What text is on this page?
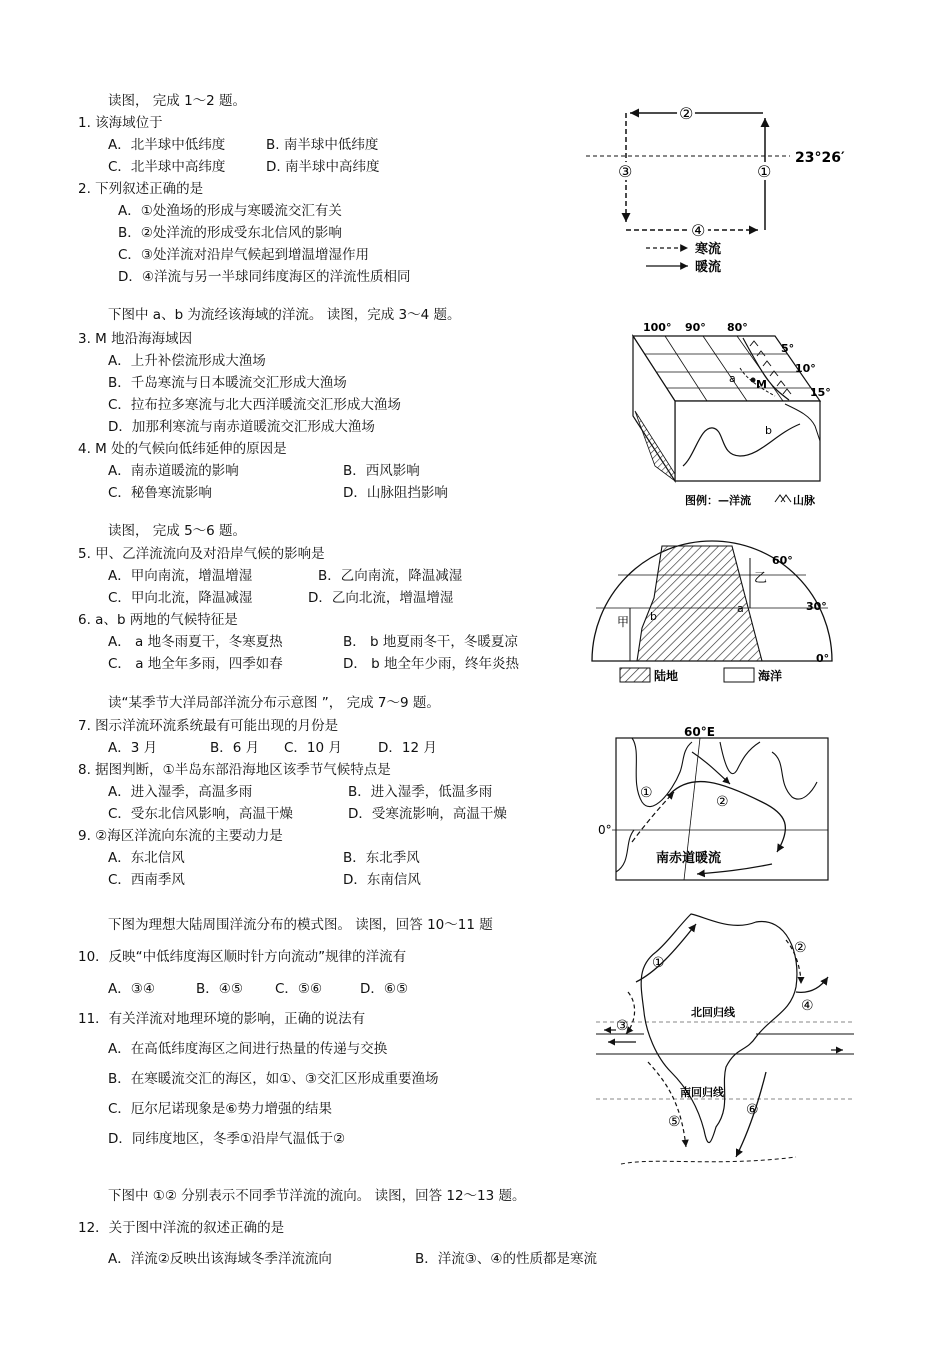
读图， 完成 1～2 题。
1. 该海域位于
A．北半球中低纬度	B. 南半球中低纬度
C．北半球中高纬度	D. 南半球中高纬度
2. 下列叙述正确的是
A．①处渔场的形成与寒暖流交汇有关
B．②处洋流的形成受东北信风的影响
C．③处洋流对沿岸气候起到增温增湿作用
D．④洋流与另一半球同纬度海区的洋流性质相同
下图中 a、b 为流经该海域的洋流。 读图，完成 3～4 题。
3. M 地沿海海域因
A．上升补偿流形成大渔场
B．千岛寒流与日本暖流交汇形成大渔场
C．拉布拉多寒流与北大西洋暖流交汇形成大渔场
D．加那利寒流与南赤道暖流交汇形成大渔场
4. M 处的气候向低纬延伸的原因是
A．南赤道暖流的影响	B．西风影响
C．秘鲁寒流影响	D．山脉阻挡影响
读图， 完成 5～6 题。
5. 甲、乙洋流流向及对沿岸气候的影响是
A．甲向南流，增温增湿	B．乙向南流，降温减湿
C．甲向北流，降温减湿	D．乙向北流，增温增湿
6. a、b 两地的气候特征是
A． a 地冬雨夏干，冬寒夏热	B． b 地夏雨冬干，冬暖夏凉
C． a 地全年多雨，四季如春	D． b 地全年少雨，终年炎热
读“某季节大洋局部洋流分布示意图 ”， 完成 7～9 题。
7. 图示洋流环流系统最有可能出现的月份是
A．3 月	B．6 月 C．10 月	D．12 月
8. 据图判断，①半岛东部沿海地区该季节气候特点是
A．进入湿季，高温多雨	B．进入湿季，低温多雨
C．受东北信风影响，高温干燥	D．受寒流影响，高温干燥
9. ②海区洋流向东流的主要动力是
A．东北信风	B．东北季风
C．西南季风	D．东南信风
下图为理想大陆周围洋流分布的模式图。 读图，回答 10～11 题
10．反映“中低纬度海区顺时针方向流动”规律的洋流有
A．③④	B．④⑤ C．⑤⑥	D．⑥⑤
11．有关洋流对地理环境的影响，正确的说法有
A．在高低纬度海区之间进行热量的传递与交换
B．在寒暖流交汇的海区，如①、③交汇区形成重要渔场
C．厄尔尼诺现象是⑥势力增强的结果
D．同纬度地区，冬季①沿岸气温低于②
下图中 ①② 分别表示不同季节洋流的流向。 读图，回答 12～13 题。
12．关于图中洋流的叙述正确的是
A．洋流②反映出该海域冬季洋流流向	B．洋流③、④的性质都是寒流
23°26′
②
③	①
④
寒流
暖流
a M
b
100° 90° 80°
5°
10°
15°
图例：—洋流	山脉
甲 b
乙
a
60°
30°
0°
陆地	海洋
60°E
0°
①
②
南赤道暖流
①
②
③
④
⑤
⑥
北回归线
南回归线
